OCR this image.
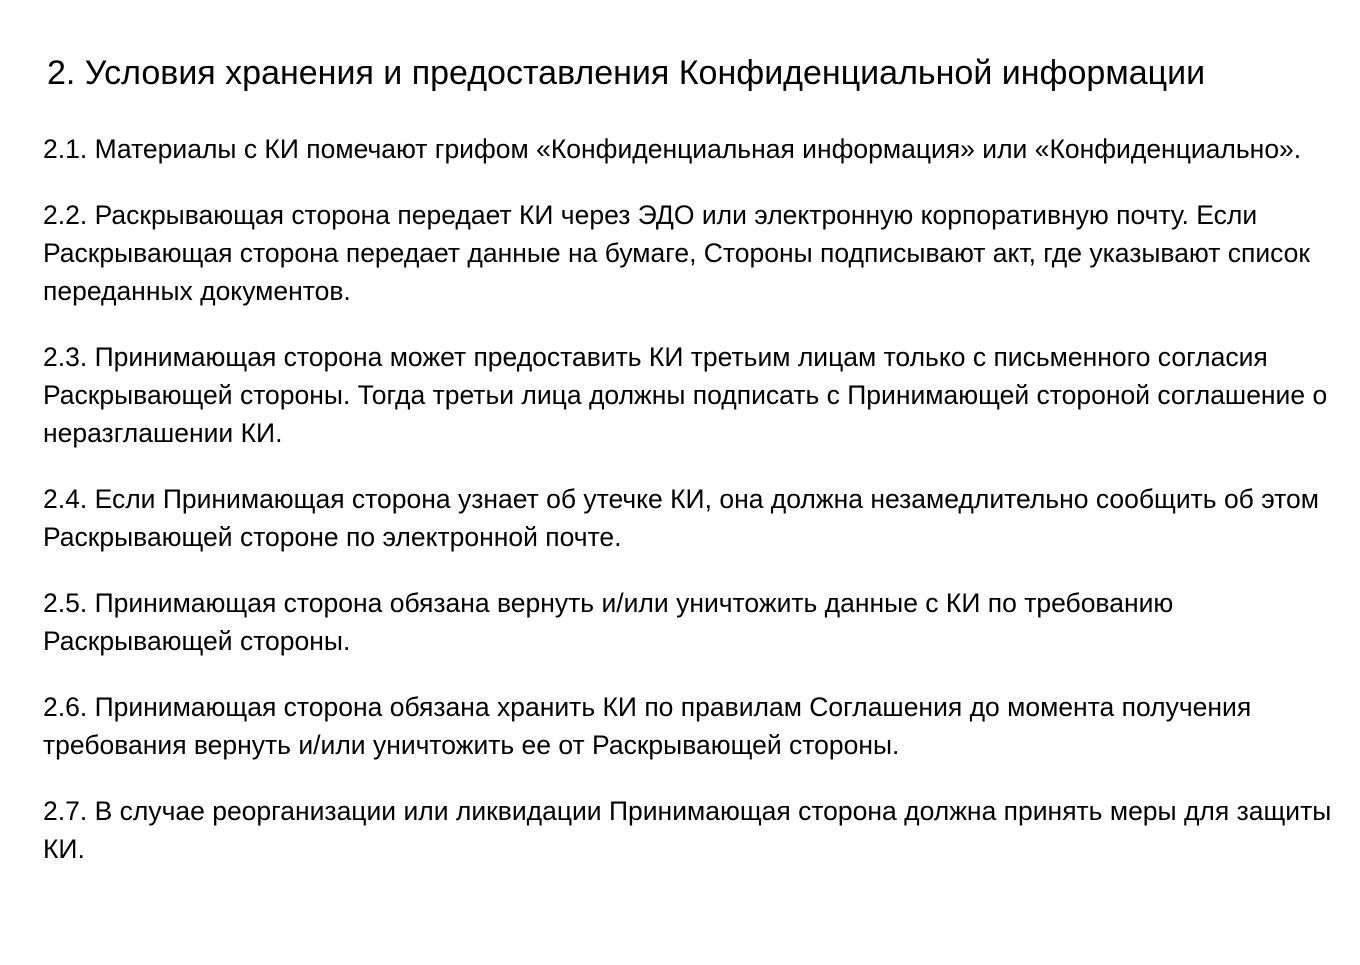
2. Условия хранения и предоставления Конфиденциальной информации
2.1. Материалы с КИ помечают грифом «Конфиденциальная информация» или «Конфиденциально».
2.2. Раскрывающая сторона передает КИ через ЭДО или электронную корпоративную почту. Если Раскрывающая сторона передает данные на бумаге, Стороны подписывают акт, где указывают список переданных документов.
2.3. Принимающая сторона может предоставить КИ третьим лицам только с письменного согласия Раскрывающей стороны. Тогда третьи лица должны подписать с Принимающей стороной соглашение о неразглашении КИ.
2.4. Если Принимающая сторона узнает об утечке КИ, она должна незамедлительно сообщить об этом Раскрывающей стороне по электронной почте.
2.5. Принимающая сторона обязана вернуть и/или уничтожить данные с КИ по требованию Раскрывающей стороны.
2.6. Принимающая сторона обязана хранить КИ по правилам Соглашения до момента получения требования вернуть и/или уничтожить ее от Раскрывающей стороны.
2.7. В случае реорганизации или ликвидации Принимающая сторона должна принять меры для защиты КИ.
